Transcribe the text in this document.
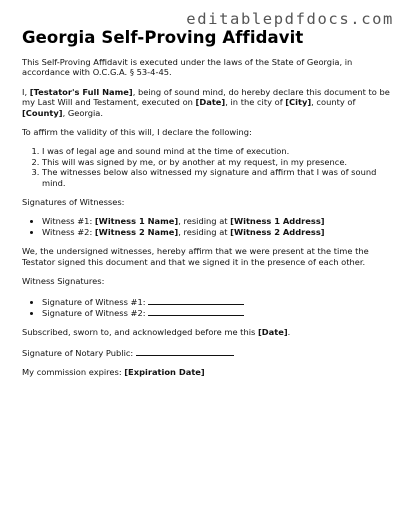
editablepdfdocs.com
Georgia Self-Proving Affidavit

This Self-Proving Affidavit is executed under the laws of the State of Georgia, in accordance with O.C.G.A. § 53-4-45.

I, [Testator's Full Name], being of sound mind, do hereby declare this document to be my Last Will and Testament, executed on [Date], in the city of [City], county of [County], Georgia.

To affirm the validity of this will, I declare the following:

1. I was of legal age and sound mind at the time of execution.
2. This will was signed by me, or by another at my request, in my presence.
3. The witnesses below also witnessed my signature and affirm that I was of sound mind.

Signatures of Witnesses:

• Witness #1: [Witness 1 Name], residing at [Witness 1 Address]
• Witness #2: [Witness 2 Name], residing at [Witness 2 Address]

We, the undersigned witnesses, hereby affirm that we were present at the time the Testator signed this document and that we signed it in the presence of each other.

Witness Signatures:

• Signature of Witness #1:
• Signature of Witness #2:

Subscribed, sworn to, and acknowledged before me this [Date].

Signature of Notary Public:

My commission expires: [Expiration Date]
